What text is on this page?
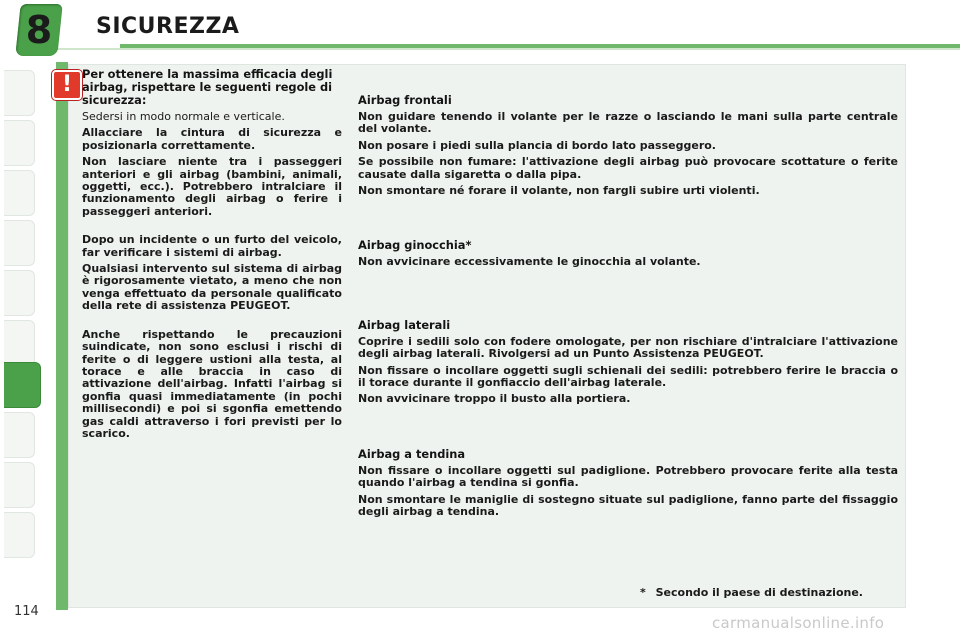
8	SICUREZZA
! Per ottenere la massima efficacia degli airbag, rispettare le seguenti regole di sicurezza:

Sedersi in modo normale e verticale.

Allacciare la cintura di sicurezza e posizionarla correttamente.

Non lasciare niente tra i passeggeri anteriori e gli airbag (bambini, animali, oggetti, ecc.). Potrebbero intralciare il funzionamento degli airbag o ferire i passeggeri anteriori.

Dopo un incidente o un furto del veicolo, far verificare i sistemi di airbag.

Qualsiasi intervento sul sistema di airbag è rigorosamente vietato, a meno che non venga effettuato da personale qualificato della rete di assistenza PEUGEOT.

Anche rispettando le precauzioni suindicate, non sono esclusi i rischi di ferite o di leggere ustioni alla testa, al torace e alle braccia in caso di attivazione dell'airbag. Infatti l'airbag si gonfia quasi immediatamente (in pochi millisecondi) e poi si sgonfia emettendo gas caldi attraverso i fori previsti per lo scarico.

Airbag frontali

Non guidare tenendo il volante per le razze o lasciando le mani sulla parte centrale del volante.

Non posare i piedi sulla plancia di bordo lato passeggero.

Se possibile non fumare: l'attivazione degli airbag può provocare scottature o ferite causate dalla sigaretta o dalla pipa.

Non smontare né forare il volante, non fargli subire urti violenti.

Airbag ginocchia*

Non avvicinare eccessivamente le ginocchia al volante.

Airbag laterali

Coprire i sedili solo con fodere omologate, per non rischiare d'intralciare l'attivazione degli airbag laterali. Rivolgersi ad un Punto Assistenza PEUGEOT.

Non fissare o incollare oggetti sugli schienali dei sedili: potrebbero ferire le braccia o il torace durante il gonfiaccio dell'airbag laterale.

Non avvicinare troppo il busto alla portiera.

Airbag a tendina

Non fissare o incollare oggetti sul padiglione. Potrebbero provocare ferite alla testa quando l'airbag a tendina si gonfia.

Non smontare le maniglie di sostegno situate sul padiglione, fanno parte del fissaggio degli airbag a tendina.

* Secondo il paese di destinazione.
114
carmanualsonline.info
